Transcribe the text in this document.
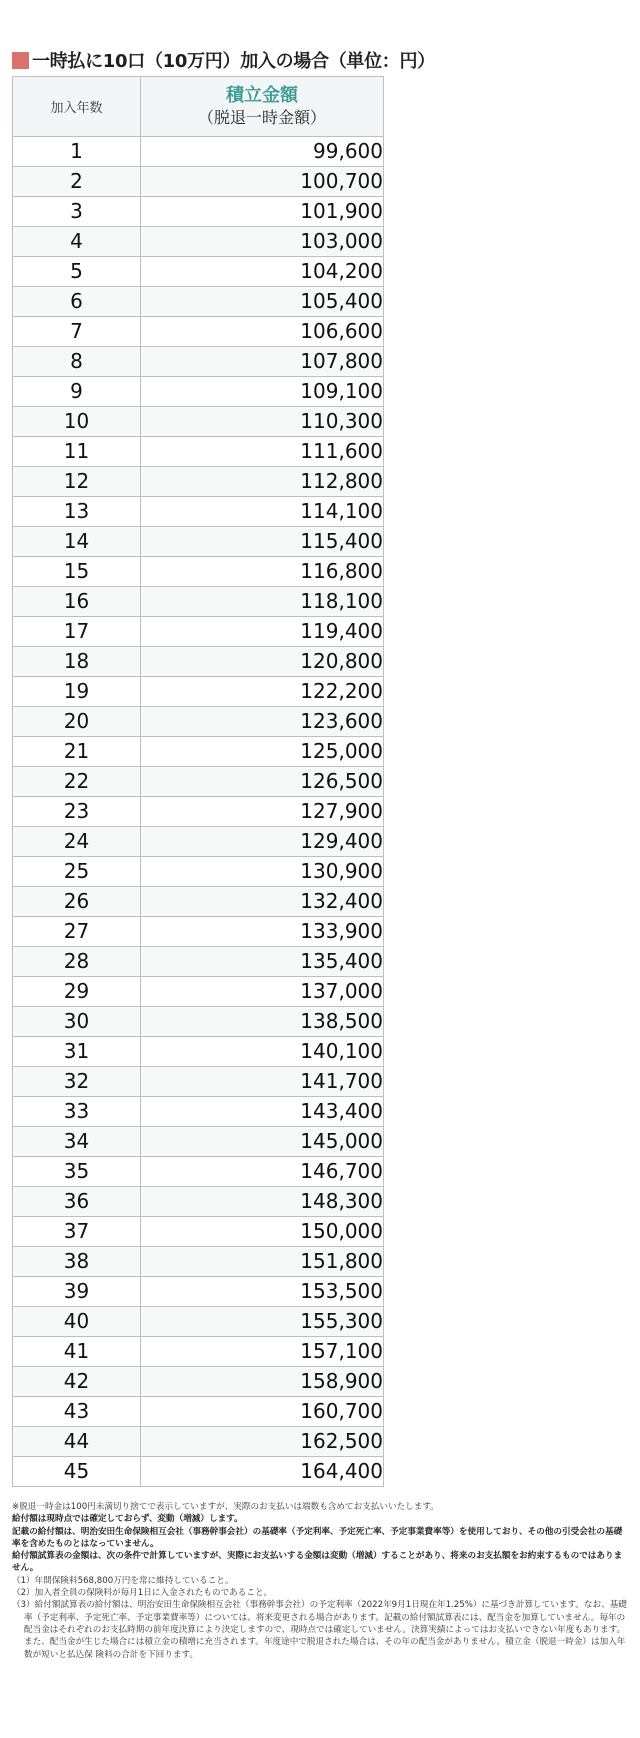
一時払に10口（10万円）加入の場合（単位：円）
加入年数	積立金額
（脱退一時金額）

1	99,600
2	100,700
3	101,900
4	103,000
5	104,200
6	105,400
7	106,600
8	107,800
9	109,100
10	110,300
11	111,600
12	112,800
13	114,100
14	115,400
15	116,800
16	118,100
17	119,400
18	120,800
19	122,200
20	123,600
21	125,000
22	126,500
23	127,900
24	129,400
25	130,900
26	132,400
27	133,900
28	135,400
29	137,000
30	138,500
31	140,100
32	141,700
33	143,400
34	145,000
35	146,700
36	148,300
37	150,000
38	151,800
39	153,500
40	155,300
41	157,100
42	158,900
43	160,700
44	162,500
45	164,400

※脱退一時金は100円未満切り捨てで表示していますが、実際のお支払いは端数も含めてお支払いいたします。

給付額は現時点では確定しておらず、変動（増減）します。

記載の給付額は、明治安田生命保険相互会社（事務幹事会社）の基礎率（予定利率、予定死亡率、予定事業費率等）を使用しており、その他の引受会社の基礎率を含めたものとはなっていません。

給付額試算表の金額は、次の条件で計算していますが、実際にお支払いする金額は変動（増減）することがあり、将来のお支払額をお約束するものではありません。

（1）年間保険料568,800万円を常に維持していること。

（2）加入者全員の保険料が毎月1日に入金されたものであること。

（3）給付額試算表の給付額は、明治安田生命保険相互会社（事務幹事会社）の予定利率（2022年9月1日現在年1.25%）に基づき計算しています。なお、基礎率（予定利率、予定死亡率、予定事業費率等）については、将来変更される場合があります。記載の給付額試算表には、配当金を加算していません。毎年の配当金はそれぞれのお支払時期の前年度決算により決定しますので、現時点では確定していません。決算実績によってはお支払いできない年度もあります。また、配当金が生じた場合には積立金の積増に充当されます。年度途中で脱退された場合は、その年の配当金がありません。積立金（脱退一時金）は加入年数が短いと払込保 険料の合計を下回ります。
